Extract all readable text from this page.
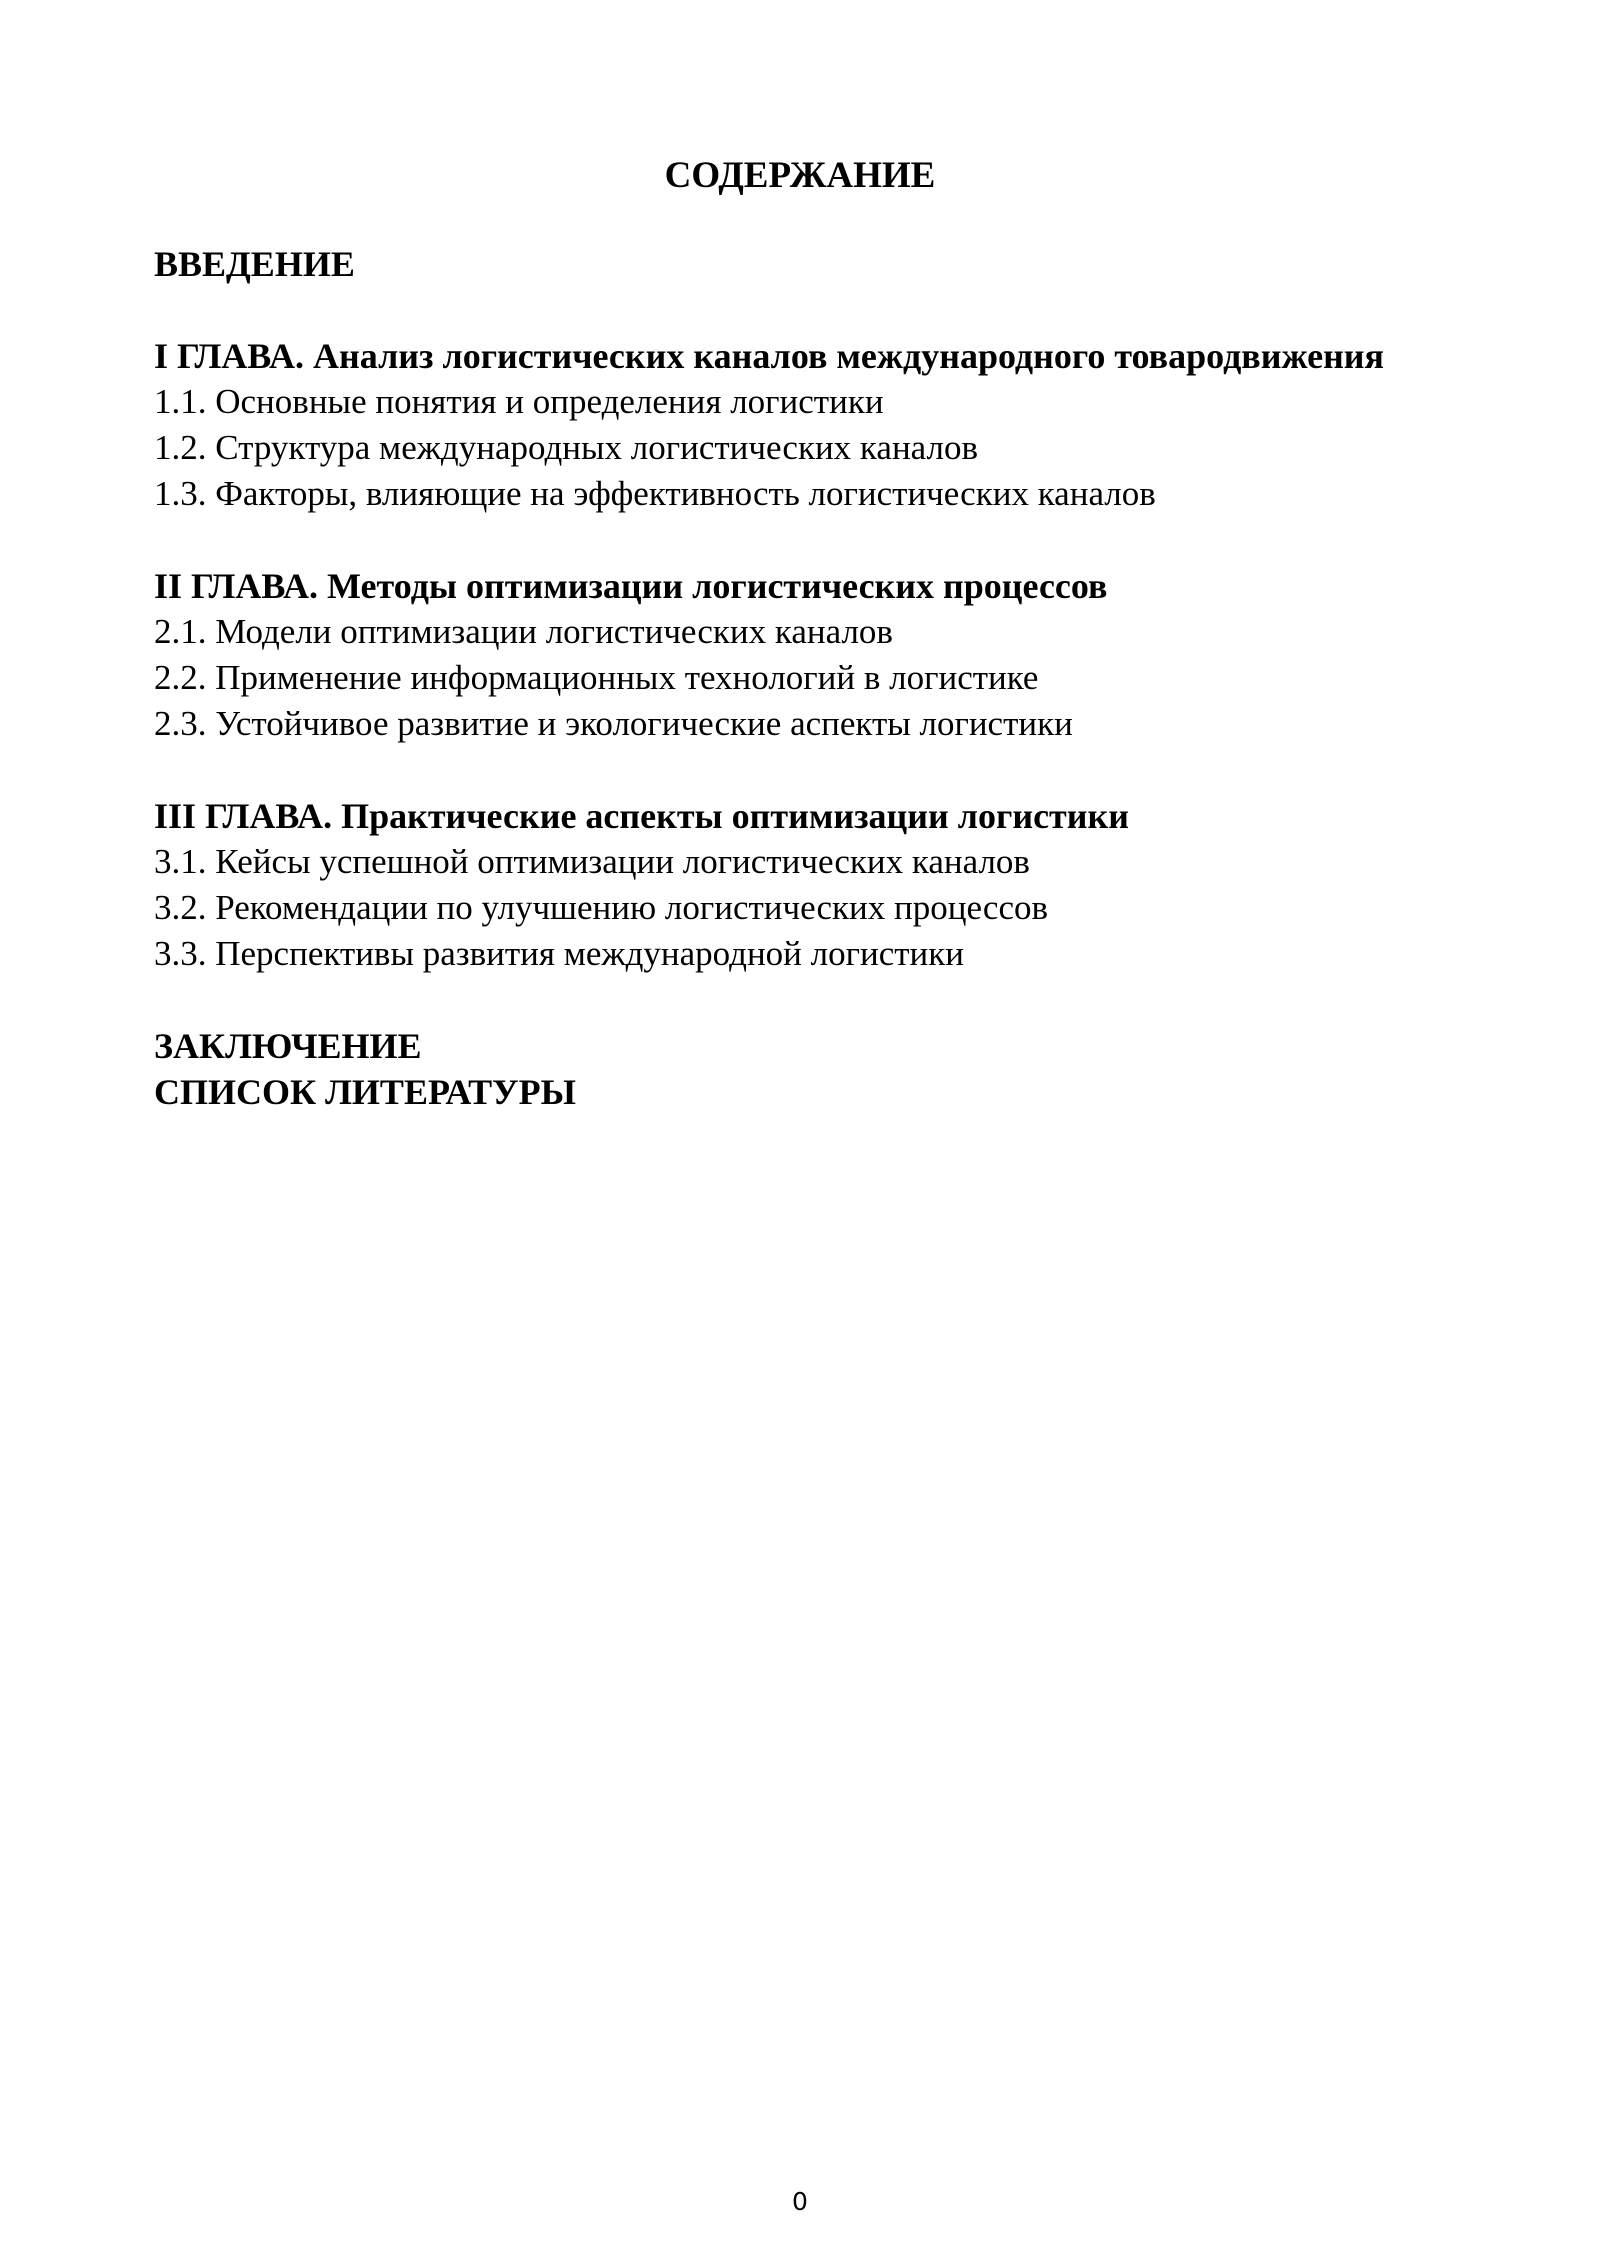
СОДЕРЖАНИЕ
ВВЕДЕНИЕ
I ГЛАВА. Анализ логистических каналов международного товародвижения
1.1. Основные понятия и определения логистики
1.2. Структура международных логистических каналов
1.3. Факторы, влияющие на эффективность логистических каналов
II ГЛАВА. Методы оптимизации логистических процессов
2.1. Модели оптимизации логистических каналов
2.2. Применение информационных технологий в логистике
2.3. Устойчивое развитие и экологические аспекты логистики
III ГЛАВА. Практические аспекты оптимизации логистики
3.1. Кейсы успешной оптимизации логистических каналов
3.2. Рекомендации по улучшению логистических процессов
3.3. Перспективы развития международной логистики
ЗАКЛЮЧЕНИЕ
СПИСОК ЛИТЕРАТУРЫ
0
